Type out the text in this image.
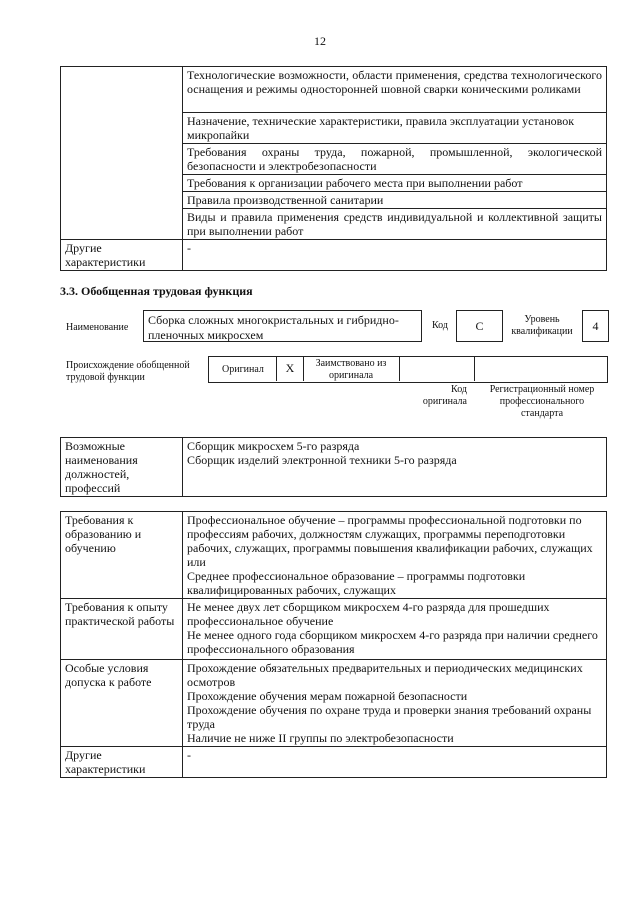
12
	Технологические возможности, области применения, средства технологического оснащения и режимы односторонней шовной сварки коническими роликами
	Назначение, технические характеристики, правила эксплуатации установок микропайки
	Требования охраны труда, пожарной, промышленной, экологической безопасности и электробезопасности
	Требования к организации рабочего места при выполнении работ
	Правила производственной санитарии
	Виды и правила применения средств индивидуальной и коллективной защиты при выполнении работ
Другие характеристики	-
3.3. Обобщенная трудовая функция
Наименование
Сборка сложных многокристальных и гибридно-пленочных микросхем
Код	C	Уровень квалификации	4
Происхождение обобщенной трудовой функции
Оригинал	X	Заимствовано из оригинала
Код оригинала
Регистрационный номер профессионального стандарта
Возможные наименования должностей, профессий	
Сборщик микросхем 5-го разряда
Сборщик изделий электронной техники 5-го разряда
Требования к образованию и обучению	Профессиональное обучение – программы профессиональной подготовки по профессиям рабочих, должностям служащих, программы переподготовки рабочих, служащих, программы повышения квалификации рабочих, служащих
или
Среднее профессиональное образование – программы подготовки квалифицированных рабочих, служащих

Требования к опыту практической работы	Не менее двух лет сборщиком микросхем 4-го разряда для прошедших профессиональное обучение
Не менее одного года сборщиком микросхем 4-го разряда при наличии среднего профессионального образования

Особые условия допуска к работе	Прохождение обязательных предварительных и периодических медицинских осмотров
Прохождение обучения мерам пожарной безопасности
Прохождение обучения по охране труда и проверки знания требований охраны труда
Наличие не ниже II группы по электробезопасности

Другие характеристики	-
